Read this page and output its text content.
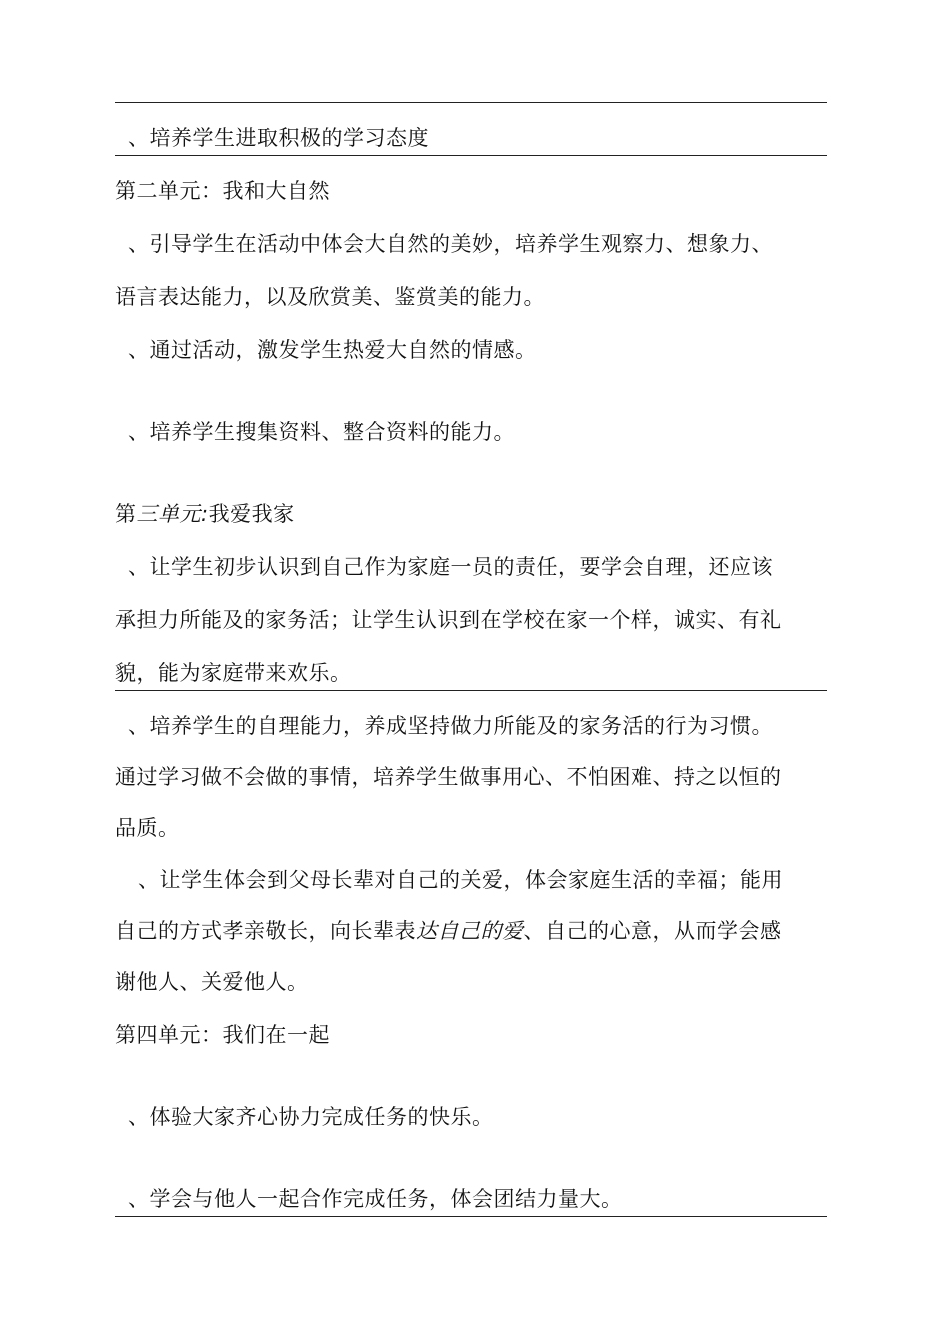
、培养学生进取积极的学习态度
第二单元：我和大自然
、引导学生在活动中体会大自然的美妙，培养学生观察力、想象力、
语言表达能力，以及欣赏美、鉴赏美的能力。
、通过活动，激发学生热爱大自然的情感。
、培养学生搜集资料、整合资料的能力。
第三单元:我爱我家
、让学生初步认识到自己作为家庭一员的责任，要学会自理，还应该
承担力所能及的家务活；让学生认识到在学校在家一个样，诚实、有礼
貌，能为家庭带来欢乐。
、培养学生的自理能力，养成坚持做力所能及的家务活的行为习惯。
通过学习做不会做的事情，培养学生做事用心、不怕困难、持之以恒的
品质。
、让学生体会到父母长辈对自己的关爱，体会家庭生活的幸福；能用
自己的方式孝亲敬长，向长辈表达自己的爱、自己的心意，从而学会感
谢他人、关爱他人。
第四单元：我们在一起
、体验大家齐心协力完成任务的快乐。
、学会与他人一起合作完成任务，体会团结力量大。
